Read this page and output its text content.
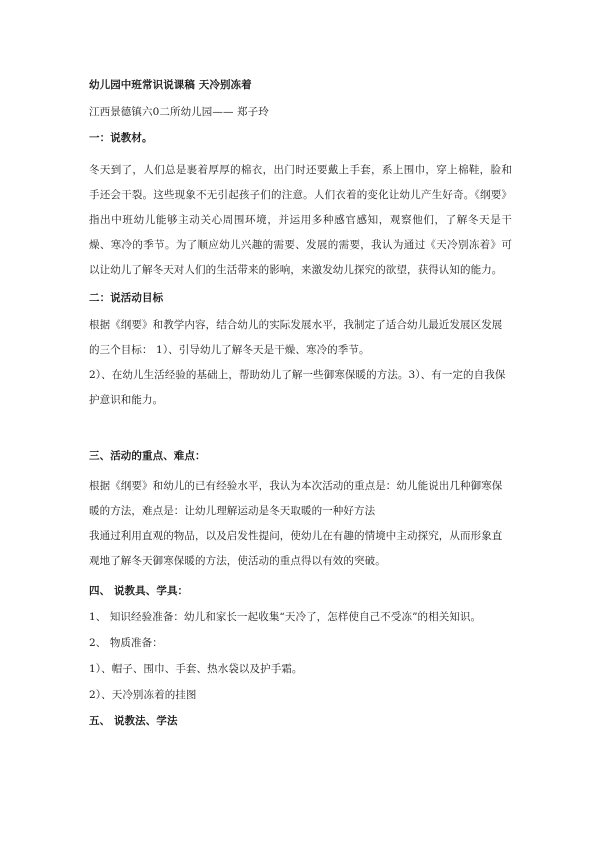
幼儿园中班常识说课稿 天冷别冻着

江西景德镇六0二所幼儿园—— 郑子玲

一：说教材。

冬天到了，人们总是裹着厚厚的棉衣，出门时还要戴上手套，系上围巾，穿上棉鞋，脸和手还会干裂。这些现象不无引起孩子们的注意。人们衣着的变化让幼儿产生好奇。《纲要》指出中班幼儿能够主动关心周围环境，并运用多种感官感知，观察他们，了解冬天是干燥、寒冷的季节。为了顺应幼儿兴趣的需要、发展的需要，我认为通过《天冷别冻着》可以让幼儿了解冬天对人们的生活带来的影响，来激发幼儿探究的欲望，获得认知的能力。

二：说活动目标

根据《纲要》和教学内容，结合幼儿的实际发展水平，我制定了适合幼儿最近发展区发展的三个目标： 1）、引导幼儿了解冬天是干燥、寒冷的季节。

2）、在幼儿生活经验的基础上，帮助幼儿了解一些御寒保暖的方法。3）、有一定的自我保护意识和能力。

三、活动的重点、难点：

根据《纲要》和幼儿的已有经验水平，我认为本次活动的重点是：幼儿能说出几种御寒保暖的方法，难点是：让幼儿理解运动是冬天取暖的一种好方法

我通过利用直观的物品，以及启发性提问，使幼儿在有趣的情境中主动探究，从而形象直观地了解冬天御寒保暖的方法，使活动的重点得以有效的突破。

四、 说教具、学具：

1、 知识经验准备：幼儿和家长一起收集“天冷了，怎样使自己不受冻”的相关知识。

2、 物质准备：

1）、帽子、围巾、手套、热水袋以及护手霜。

2）、天冷别冻着的挂图

五、 说教法、学法
